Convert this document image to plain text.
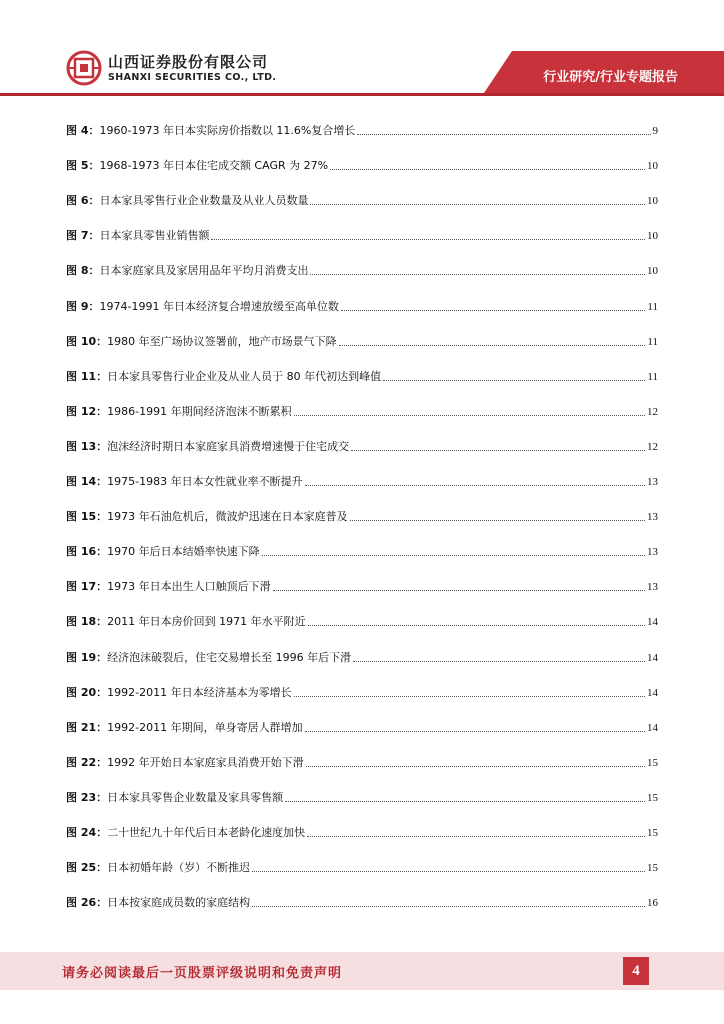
山西证券股份有限公司
SHANXI SECURITIES CO., LTD.	行业研究/行业专题报告
图 4： 1960-1973 年日本实际房价指数以 11.6%复合增长	9
图 5： 1968-1973 年日本住宅成交额 CAGR 为 27%	10
图 6： 日本家具零售行业企业数量及从业人员数量	10
图 7： 日本家具零售业销售额	10
图 8： 日本家庭家具及家居用品年平均月消费支出	10
图 9： 1974-1991 年日本经济复合增速放缓至高单位数	11
图 10： 1980 年至广场协议签署前，地产市场景气下降	11
图 11： 日本家具零售行业企业及从业人员于 80 年代初达到峰值	11
图 12： 1986-1991 年期间经济泡沫不断累积	12
图 13： 泡沫经济时期日本家庭家具消费增速慢于住宅成交	12
图 14： 1975-1983 年日本女性就业率不断提升	13
图 15： 1973 年石油危机后，微波炉迅速在日本家庭普及	13
图 16： 1970 年后日本结婚率快速下降	13
图 17： 1973 年日本出生人口触顶后下滑	13
图 18： 2011 年日本房价回到 1971 年水平附近	14
图 19： 经济泡沫破裂后，住宅交易增长至 1996 年后下滑	14
图 20： 1992-2011 年日本经济基本为零增长	14
图 21： 1992-2011 年期间，单身寄居人群增加	14
图 22： 1992 年开始日本家庭家具消费开始下滑	15
图 23： 日本家具零售企业数量及家具零售额	15
图 24： 二十世纪九十年代后日本老龄化速度加快	15
图 25： 日本初婚年龄（岁）不断推迟	15
图 26： 日本按家庭成员数的家庭结构	16
请务必阅读最后一页股票评级说明和免责声明	4
